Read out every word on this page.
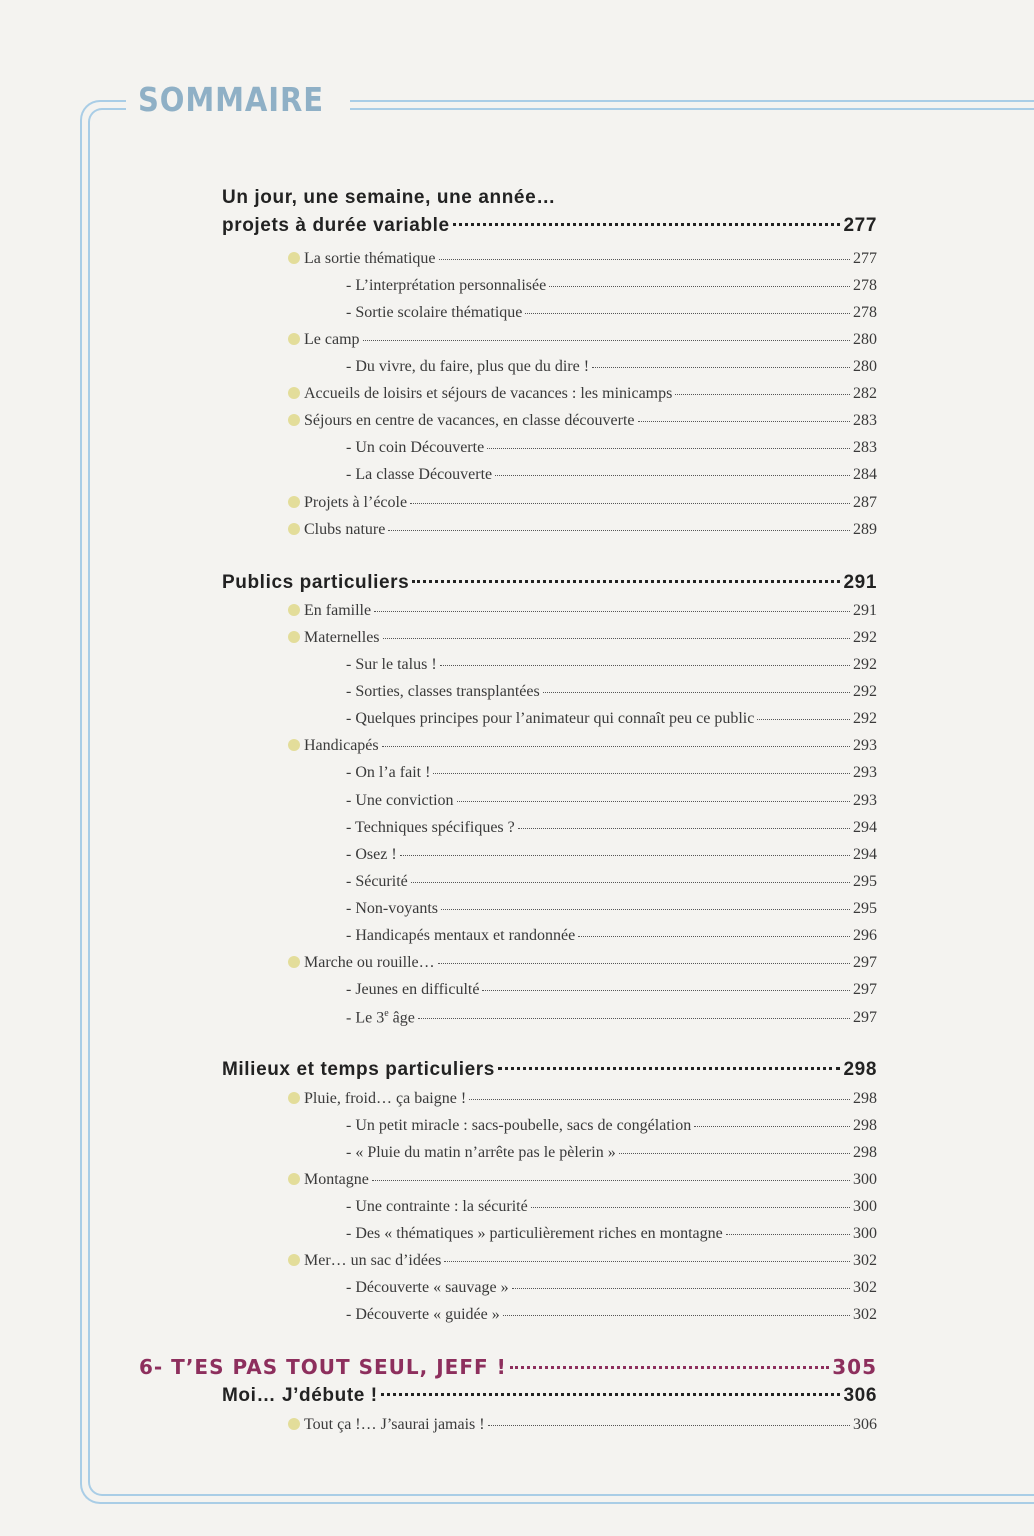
SOMMAIRE
Un jour, une semaine, une année…
projets à durée variable	277
La sortie thématique	277
- L’interprétation personnalisée	278
- Sortie scolaire thématique	278
Le camp	280
- Du vivre, du faire, plus que du dire !	280
Accueils de loisirs et séjours de vacances : les minicamps	282
Séjours en centre de vacances, en classe découverte	283
- Un coin Découverte	283
- La classe Découverte	284
Projets à l’école	287
Clubs nature	289
Publics particuliers	291
En famille	291
Maternelles	292
- Sur le talus !	292
- Sorties, classes transplantées	292
- Quelques principes pour l’animateur qui connaît peu ce public	292
Handicapés	293
- On l’a fait !	293
- Une conviction	293
- Techniques spécifiques ?	294
- Osez !	294
- Sécurité	295
- Non-voyants	295
- Handicapés mentaux et randonnée	296
Marche ou rouille…	297
- Jeunes en difficulté	297
- Le 3e âge	297
Milieux et temps particuliers	298
Pluie, froid… ça baigne !	298
- Un petit miracle : sacs-poubelle, sacs de congélation	298
- « Pluie du matin n’arrête pas le pèlerin »	298
Montagne	300
- Une contrainte : la sécurité	300
- Des « thématiques » particulièrement riches en montagne	300
Mer… un sac d’idées	302
- Découverte « sauvage »	302
- Découverte « guidée »	302
6- T’ES PAS TOUT SEUL, JEFF !	305
Moi… J’débute !	306
Tout ça !… J’saurai jamais !	306
